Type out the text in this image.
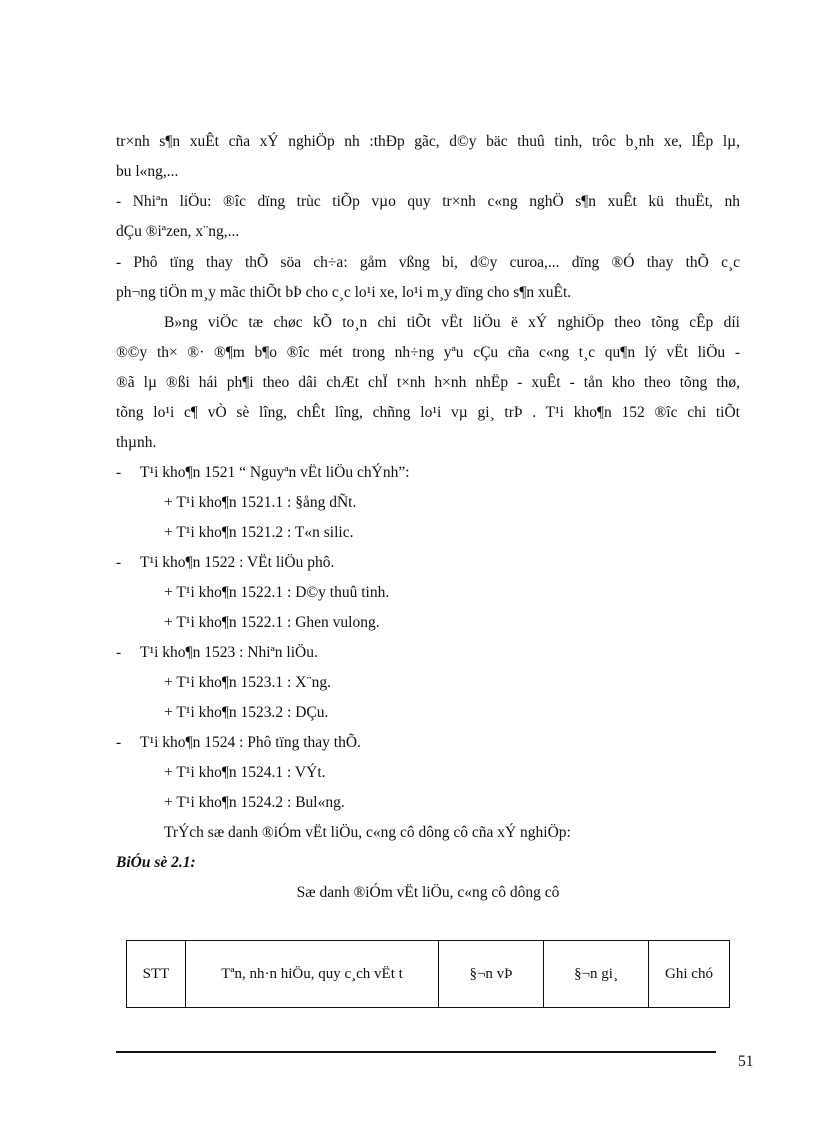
tr×nh s¶n xuÊt cña xÝ nghiÖp nh :thÐp gãc, d©y bäc thuû tinh, trôc b¸nh xe, lÊp lµ,
bu l«ng,...
- Nhiªn liÖu: ®îc dïng trùc tiÕp vµo quy tr×nh c«ng nghÖ s¶n xuÊt kü thuËt, nh
dÇu ®iªzen, x¨ng,...
- Phô tïng thay thÕ söa ch÷a: gåm vßng bi, d©y curoa,... dïng ®Ó thay thÕ c¸c
ph¬ng tiÖn m¸y mãc thiÕt bÞ cho c¸c lo¹i xe, lo¹i m¸y dïng cho s¶n xuÊt.
B»ng viÖc tæ chøc kÕ to¸n chi tiÕt vËt liÖu ë xÝ nghiÖp theo tõng cÊp díi
®©y th× ®· ®¶m b¶o ®îc mét trong nh÷ng yªu cÇu cña c«ng t¸c qu¶n lý vËt liÖu -
®ã lµ ®ßi hái ph¶i theo dâi chÆt chÏ t×nh h×nh nhËp - xuÊt - tån kho theo tõng thø,
tõng lo¹i c¶ vÒ sè lîng, chÊt lîng, chñng lo¹i vµ gi¸ trÞ . T¹i kho¶n 152 ®îc chi tiÕt
thµnh.
- T¹i kho¶n 1521 “ Nguyªn vËt liÖu chÝnh”:
+ T¹i kho¶n 1521.1 : §ång dÑt.
+ T¹i kho¶n 1521.2 : T«n silic.
- T¹i kho¶n 1522 : VËt liÖu phô.
+ T¹i kho¶n 1522.1 : D©y thuû tinh.
+ T¹i kho¶n 1522.1 : Ghen vulong.
- T¹i kho¶n 1523 : Nhiªn liÖu.
+ T¹i kho¶n 1523.1 : X¨ng.
+ T¹i kho¶n 1523.2 : DÇu.
- T¹i kho¶n 1524 : Phô tïng thay thÕ.
+ T¹i kho¶n 1524.1 : VÝt.
+ T¹i kho¶n 1524.2 : Bul«ng.
TrÝch sæ danh ®iÓm vËt liÖu, c«ng cô dông cô cña xÝ nghiÖp:
BiÓu sè 2.1:
Sæ danh ®iÓm vËt liÖu, c«ng cô dông cô
STT	Tªn, nh·n hiÖu, quy c¸ch vËt t	§¬n vÞ	§¬n gi¸	Ghi chó
51
